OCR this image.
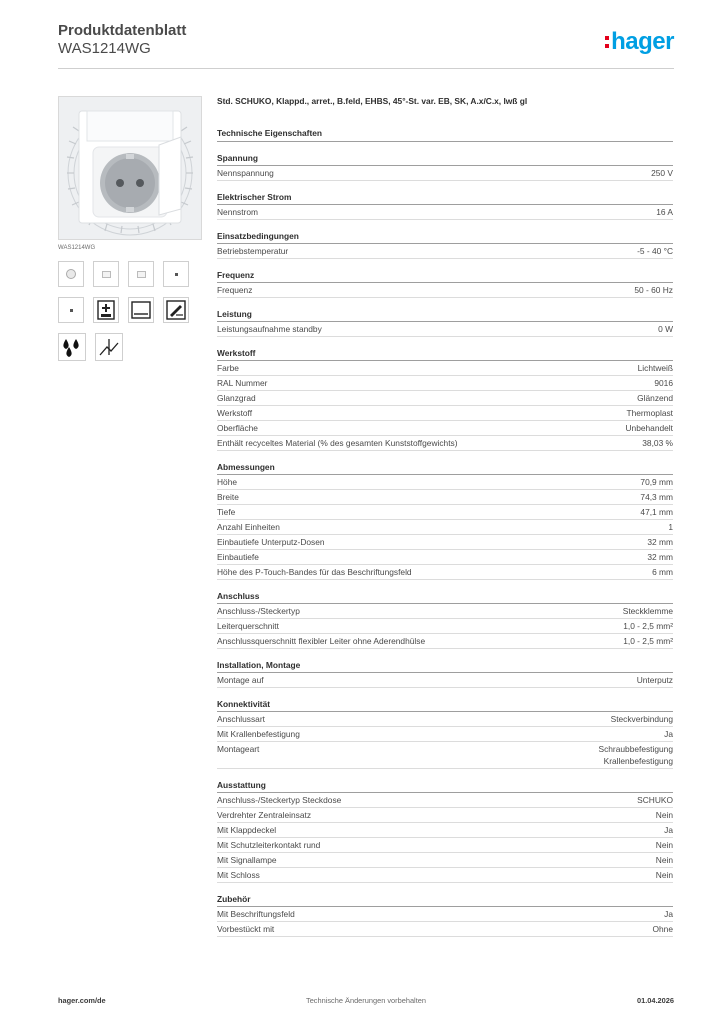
Produktdatenblatt
WAS1214WG	hager
WAS1214WG
Std. SCHUKO, Klappd., arret., B.feld, EHBS, 45°-St. var. EB, SK, A.x/C.x, Iwß gl
Technische Eigenschaften
Spannung
Nennspannung	250 V
Elektrischer Strom
Nennstrom	16 A
Einsatzbedingungen
Betriebstemperatur	-5 - 40 °C
Frequenz
Frequenz	50 - 60 Hz
Leistung
Leistungsaufnahme standby	0 W
Werkstoff
Farbe	Lichtweiß
RAL Nummer	9016
Glanzgrad	Glänzend
Werkstoff	Thermoplast
Oberfläche	Unbehandelt
Enthält recyceltes Material (% des gesamten Kunststoffgewichts)	38,03 %
Abmessungen
Höhe	70,9 mm
Breite	74,3 mm
Tiefe	47,1 mm
Anzahl Einheiten	1
Einbautiefe Unterputz-Dosen	32 mm
Einbautiefe	32 mm
Höhe des P-Touch-Bandes für das Beschriftungsfeld	6 mm
Anschluss
Anschluss-/Steckertyp	Steckklemme
Leiterquerschnitt	1,0 - 2,5 mm²
Anschlussquerschnitt flexibler Leiter ohne Aderendhülse	1,0 - 2,5 mm²
Installation, Montage
Montage auf	Unterputz
Konnektivität
Anschlussart	Steckverbindung
Mit Krallenbefestigung	Ja
Montageart	Schraubbefestigung
Krallenbefestigung
Ausstattung
Anschluss-/Steckertyp Steckdose	SCHUKO
Verdrehter Zentraleinsatz	Nein
Mit Klappdeckel	Ja
Mit Schutzleiterkontakt rund	Nein
Mit Signallampe	Nein
Mit Schloss	Nein
Zubehör
Mit Beschriftungsfeld	Ja
Vorbestückt mit	Ohne
hager.com/de	Technische Änderungen vorbehalten	01.04.2026
